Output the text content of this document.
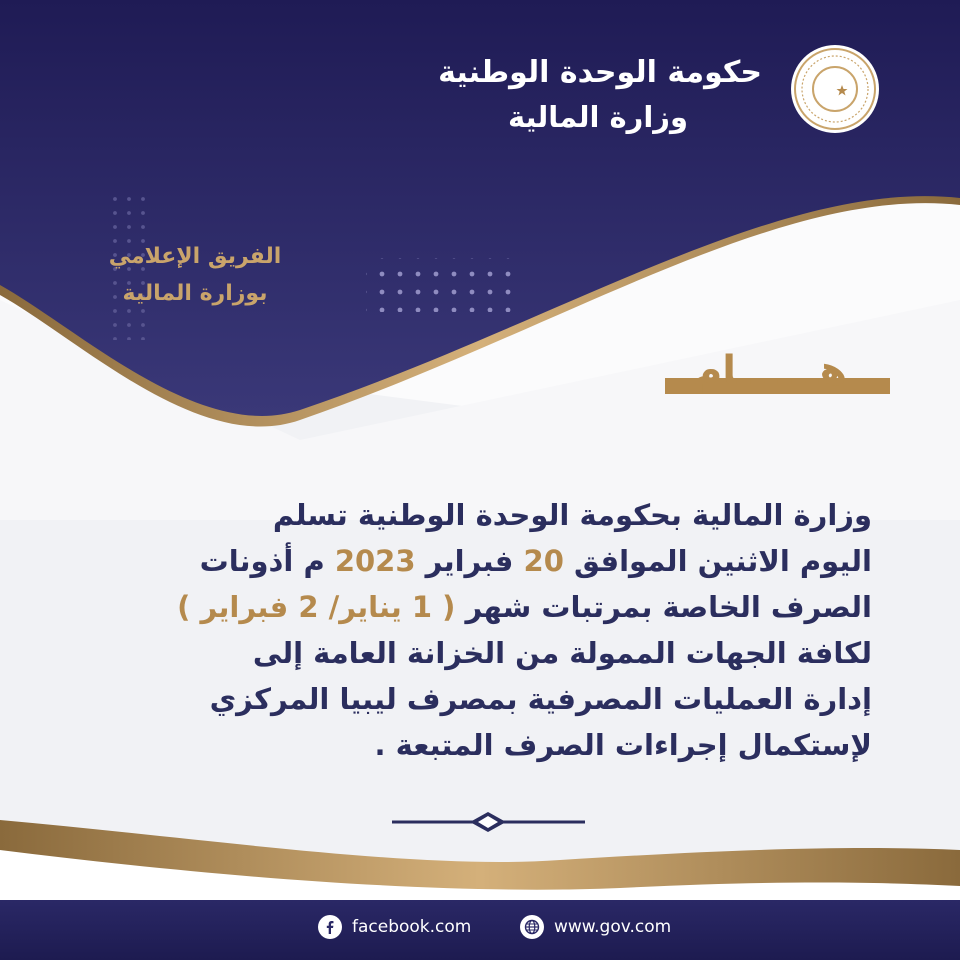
حكومة الوحدة الوطنية
وزارة المالية
الفريق الإعلامي
بوزارة المالية
هــــــام
وزارة المالية بحكومة الوحدة الوطنية تسلم
اليوم الاثنين الموافق 20 فبراير 2023 م أذونات
الصرف الخاصة بمرتبات شهر ( 1 يناير/ 2 فبراير )
لكافة الجهات الممولة من الخزانة العامة إلى
إدارة العمليات المصرفية بمصرف ليبيا المركزي
لإستكمال إجراءات الصرف المتبعة .
facebook.com	www.gov.com
